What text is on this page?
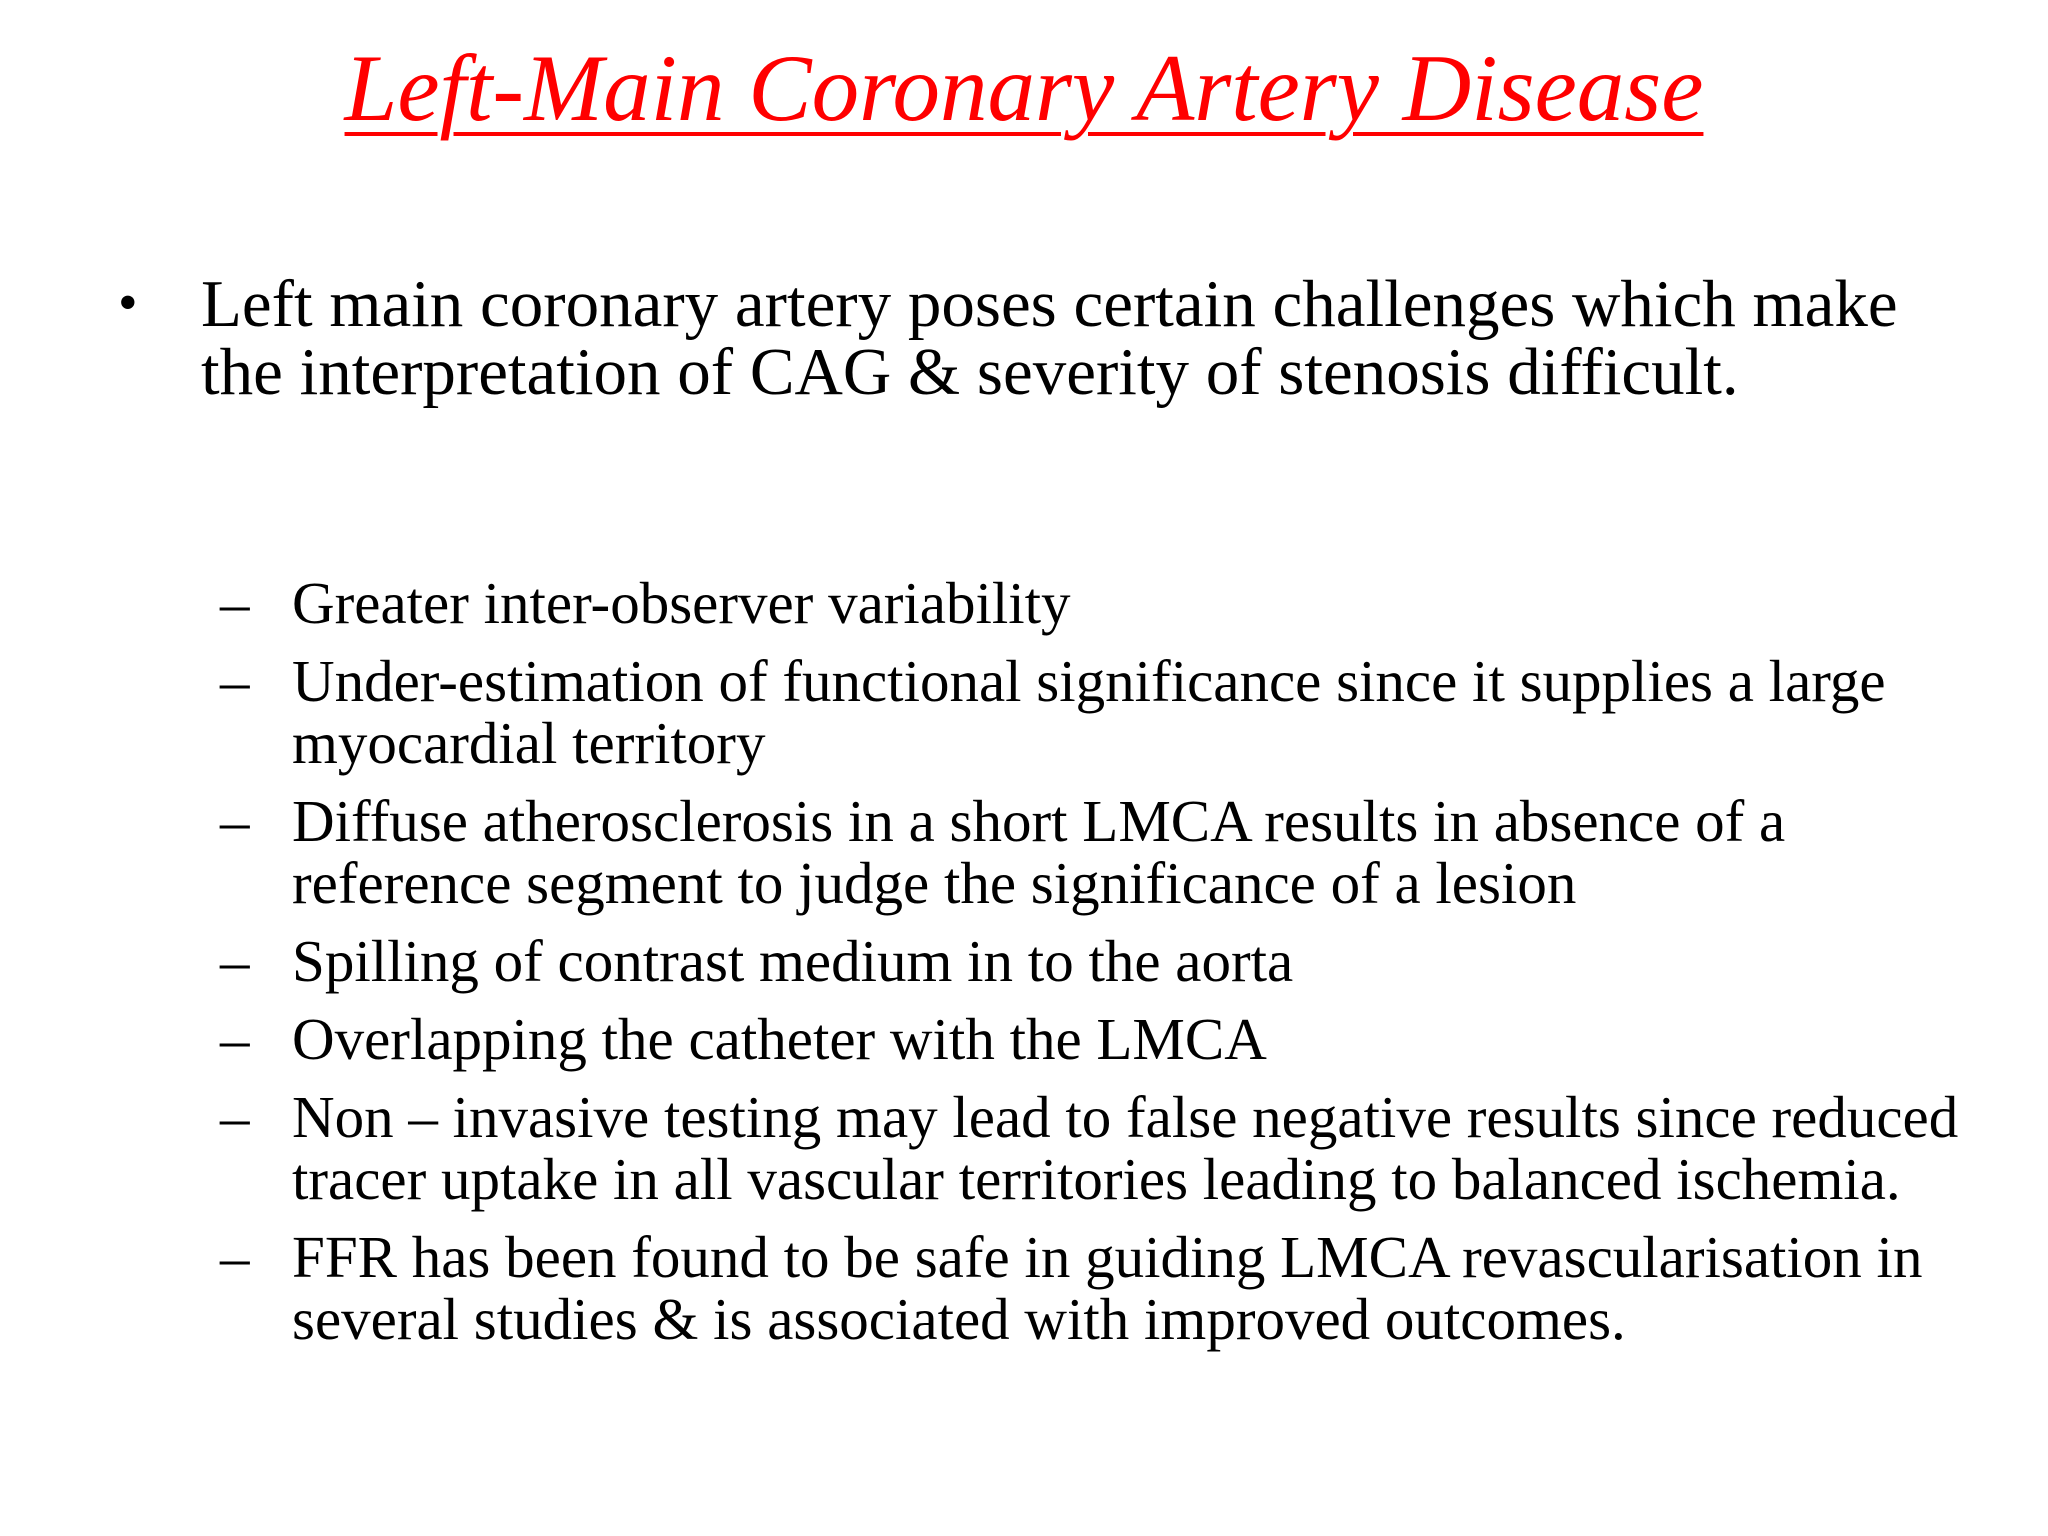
Left-Main Coronary Artery Disease
• Left main coronary artery poses certain challenges which make the interpretation of CAG & severity of stenosis difficult.
– Greater inter-observer variability
– Under-estimation of functional significance since it supplies a large myocardial territory
– Diffuse atherosclerosis in a short LMCA results in absence of a reference segment to judge the significance of a lesion
– Spilling of contrast medium in to the aorta
– Overlapping the catheter with the LMCA
– Non – invasive testing may lead to false negative results since reduced tracer uptake in all vascular territories leading to balanced ischemia.
– FFR has been found to be safe in guiding LMCA revascularisation in several studies & is associated with improved outcomes.
